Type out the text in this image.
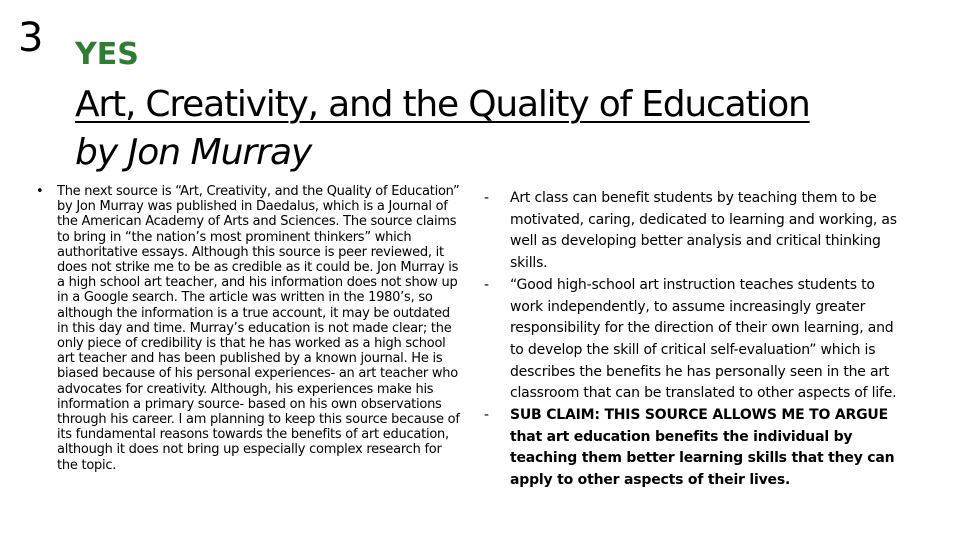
3 YES
Art, Creativity, and the Quality of Education
by Jon Murray
• The next source is “Art, Creativity, and the Quality of Education” by Jon Murray was published in Daedalus, which is a Journal of the American Academy of Arts and Sciences. The source claims to bring in “the nation’s most prominent thinkers” which authoritative essays. Although this source is peer reviewed, it does not strike me to be as credible as it could be. Jon Murray is a high school art teacher, and his information does not show up in a Google search. The article was written in the 1980’s, so although the information is a true account, it may be outdated in this day and time. Murray’s education is not made clear; the only piece of credibility is that he has worked as a high school art teacher and has been published by a known journal. He is biased because of his personal experiences- an art teacher who advocates for creativity. Although, his experiences make his information a primary source- based on his own observations through his career. I am planning to keep this source because of its fundamental reasons towards the benefits of art education, although it does not bring up especially complex research for the topic.
- Art class can benefit students by teaching them to be motivated, caring, dedicated to learning and working, as well as developing better analysis and critical thinking skills.
- “Good high-school art instruction teaches students to work independently, to assume increasingly greater responsibility for the direction of their own learning, and to develop the skill of critical self-evaluation” which is describes the benefits he has personally seen in the art classroom that can be translated to other aspects of life.
- SUB CLAIM: THIS SOURCE ALLOWS ME TO ARGUE that art education benefits the individual by teaching them better learning skills that they can apply to other aspects of their lives.
